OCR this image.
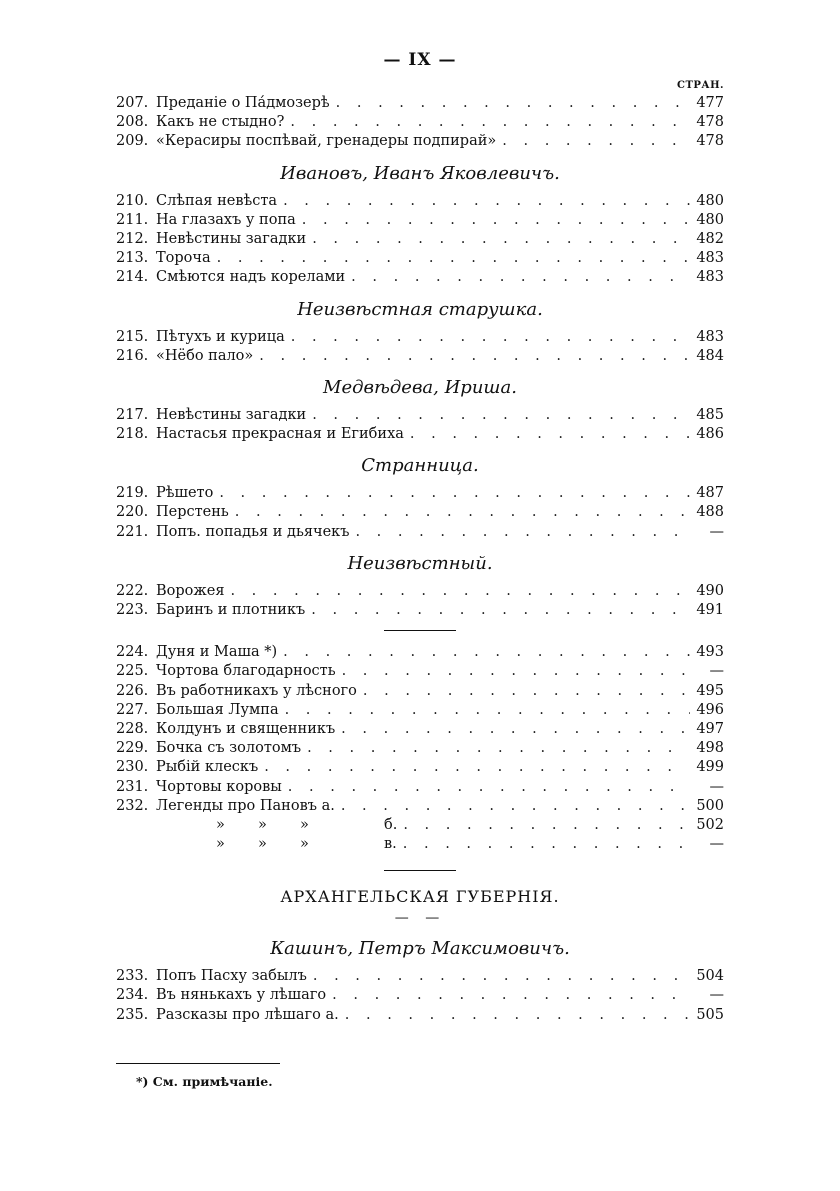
— IX —
СТРАН.
207. Преданіе о Па́дмозерѣ . . .	477
208. Какъ не стыдно? . . .	478
209. «Керасиры поспѣвай, гренадеры подпирай» . . .	478
Ивановъ, Иванъ Яковлевичъ.
210. Слѣпая невѣста . . .	480
211. На глазахъ у попа . . .	480
212. Невѣстины загадки . . .	482
213. Тороча . . .	483
214. Смѣются надъ корелами . . .	483
Неизвѣстная старушка.
215. Пѣтухъ и курица . . .	483
216. «Нёбо пало» . . .	484
Медвѣдева, Ириша.
217. Невѣстины загадки . . .	485
218. Настасья прекрасная и Егибиха . . .	486
Странница.
219. Рѣшето . . .	487
220. Перстень . . .	488
221. Попъ. попадья и дьячекъ . . .	—
Неизвѣстный.
222. Ворожея . . .	490
223. Баринъ и плотникъ . . .	491
224. Дуня и Маша *) . . .	493
225. Чортова благодарность . . .	—
226. Въ работникахъ у лѣсного . . .	495
227. Большая Лумпа . . .	496
228. Колдунъ и священникъ . . .	497
229. Бочка съ золотомъ . . .	498
230. Рыбій клескъ . . .	499
231. Чортовы коровы . . .	—
232. Легенды про Пановъ а. . . .	500
»	»	»	б. . . .	502
»	»	»	в. . . .	—
АРХАНГЕЛЬСКАЯ ГУБЕРНІЯ.
— —
Кашинъ, Петръ Максимовичъ.
233. Попъ Пасху забылъ . . .	504
234. Въ нянькахъ у лѣшаго . . .	—
235. Разсказы про лѣшаго а. . . .	505
*) См. примѣчаніе.
